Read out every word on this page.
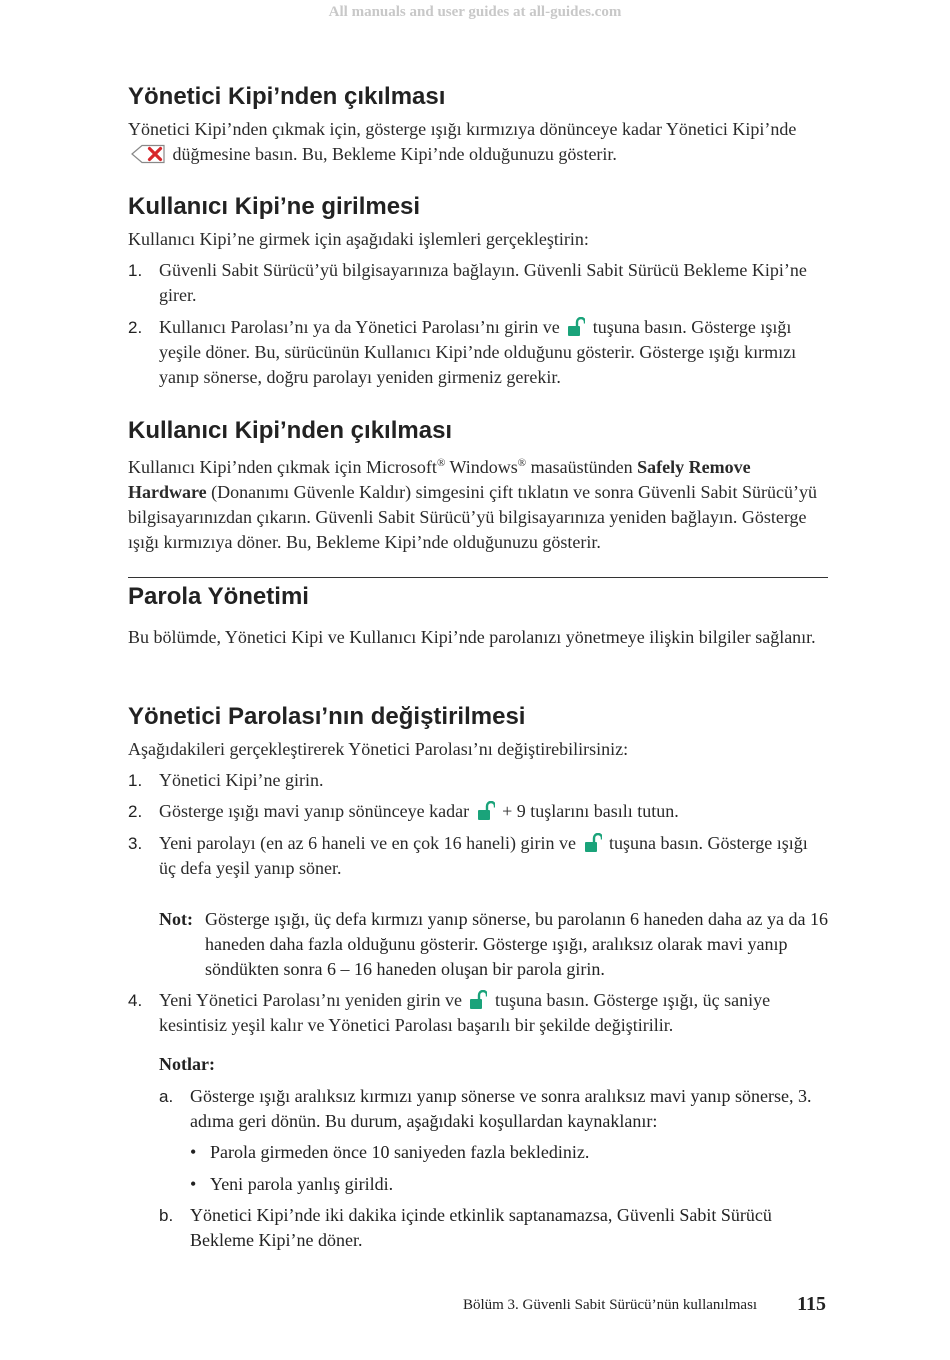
All manuals and user guides at all-guides.com
Yönetici Kipi’nden çıkılması

Yönetici Kipi’nden çıkmak için, gösterge ışığı kırmızıya dönünceye kadar Yönetici Kipi’nde  düğmesine basın. Bu, Bekleme Kipi’nde olduğunuzu gösterir.

Kullanıcı Kipi’ne girilmesi

Kullanıcı Kipi’ne girmek için aşağıdaki işlemleri gerçekleştirin:

1. Güvenli Sabit Sürücü’yü bilgisayarınıza bağlayın. Güvenli Sabit Sürücü Bekleme Kipi’ne girer.
2. Kullanıcı Parolası’nı ya da Yönetici Parolası’nı girin ve tuşuna basın. Gösterge ışığı yeşile döner. Bu, sürücünün Kullanıcı Kipi’nde olduğunu gösterir. Gösterge ışığı kırmızı yanıp sönerse, doğru parolayı yeniden girmeniz gerekir.
Kullanıcı Kipi’nden çıkılması

Kullanıcı Kipi’nden çıkmak için Microsoft® Windows® masaüstünden Safely Remove Hardware (Donanımı Güvenle Kaldır) simgesini çift tıklatın ve sonra Güvenli Sabit Sürücü’yü bilgisayarınızdan çıkarın. Güvenli Sabit Sürücü’yü bilgisayarınıza yeniden bağlayın. Gösterge ışığı kırmızıya döner. Bu, Bekleme Kipi’nde olduğunuzu gösterir.

Parola Yönetimi

Bu bölümde, Yönetici Kipi ve Kullanıcı Kipi’nde parolanızı yönetmeye ilişkin bilgiler sağlanır.

Yönetici Parolası’nın değiştirilmesi

Aşağıdakileri gerçekleştirerek Yönetici Parolası’nı değiştirebilirsiniz:

1. Yönetici Kipi’ne girin.
2. Gösterge ışığı mavi yanıp sönünceye kadar + 9 tuşlarını basılı tutun.
3. Yeni parolayı (en az 6 haneli ve en çok 16 haneli) girin ve tuşuna basın. Gösterge ışığı üç defa yeşil yanıp söner.
Not: Gösterge ışığı, üç defa kırmızı yanıp sönerse, bu parolanın 6 haneden daha az ya da 16 haneden daha fazla olduğunu gösterir. Gösterge ışığı, aralıksız olarak mavi yanıp söndükten sonra 6 – 16 haneden oluşan bir parola girin.
4. Yeni Yönetici Parolası’nı yeniden girin ve tuşuna basın. Gösterge ışığı, üç saniye kesintisiz yeşil kalır ve Yönetici Parolası başarılı bir şekilde değiştirilir.
Notlar:
a. Gösterge ışığı aralıksız kırmızı yanıp sönerse ve sonra aralıksız mavi yanıp sönerse, 3. adıma geri dönün. Bu durum, aşağıdaki koşullardan kaynaklanır:
• Parola girmeden önce 10 saniyeden fazla beklediniz.
• Yeni parola yanlış girildi.
b. Yönetici Kipi’nde iki dakika içinde etkinlik saptanamazsa, Güvenli Sabit Sürücü Bekleme Kipi’ne döner.
Bölüm 3. Güvenli Sabit Sürücü’nün kullanılması 115
